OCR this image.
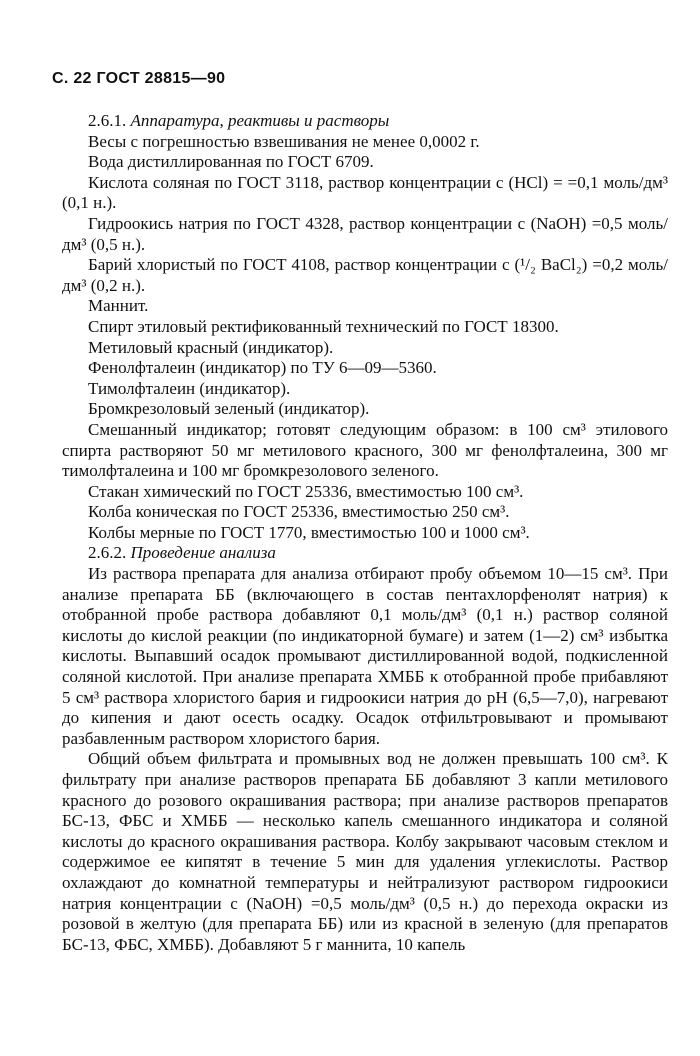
С. 22 ГОСТ 28815—90

2.6.1. Аппаратура, реактивы и растворы

Весы с погрешностью взвешивания не менее 0,0002 г.

Вода дистиллированная по ГОСТ 6709.

Кислота соляная по ГОСТ 3118, раствор концентрации с (HCl) = =0,1 моль/дм³ (0,1 н.).

Гидроокись натрия по ГОСТ 4328, раствор концентрации с (NaOH) =0,5 моль/дм³ (0,5 н.).

Барий хлористый по ГОСТ 4108, раствор концентрации с (¹/₂ BaCl₂) =0,2 моль/дм³ (0,2 н.).

Маннит.

Спирт этиловый ректификованный технический по ГОСТ 18300.

Метиловый красный (индикатор).

Фенолфталеин (индикатор) по ТУ 6—09—5360.

Тимолфталеин (индикатор).

Бромкрезоловый зеленый (индикатор).

Смешанный индикатор; готовят следующим образом: в 100 см³ этилового спирта растворяют 50 мг метилового красного, 300 мг фенолфталеина, 300 мг тимолфталеина и 100 мг бромкрезолового зеленого.

Стакан химический по ГОСТ 25336, вместимостью 100 см³.

Колба коническая по ГОСТ 25336, вместимостью 250 см³.

Колбы мерные по ГОСТ 1770, вместимостью 100 и 1000 см³.

2.6.2. Проведение анализа

Из раствора препарата для анализа отбирают пробу объемом 10—15 см³. При анализе препарата ББ (включающего в состав пентахлорфенолят натрия) к отобранной пробе раствора добавляют 0,1 моль/дм³ (0,1 н.) раствор соляной кислоты до кислой реакции (по индикаторной бумаге) и затем (1—2) см³ избытка кислоты. Выпавший осадок промывают дистиллированной водой, подкисленной соляной кислотой. При анализе препарата ХМББ к отобранной пробе прибавляют 5 см³ раствора хлористого бария и гидроокиси натрия до pH (6,5—7,0), нагревают до кипения и дают осесть осадку. Осадок отфильтровывают и промывают разбавленным раствором хлористого бария.

Общий объем фильтрата и промывных вод не должен превышать 100 см³. К фильтрату при анализе растворов препарата ББ добавляют 3 капли метилового красного до розового окрашивания раствора; при анализе растворов препаратов БС-13, ФБС и ХМББ — несколько капель смешанного индикатора и соляной кислоты до красного окрашивания раствора. Колбу закрывают часовым стеклом и содержимое ее кипятят в течение 5 мин для удаления углекислоты. Раствор охлаждают до комнатной температуры и нейтрализуют раствором гидроокиси натрия концентрации с (NaOH) =0,5 моль/дм³ (0,5 н.) до перехода окраски из розовой в желтую (для препарата ББ) или из красной в зеленую (для препаратов БС-13, ФБС, ХМББ). Добавляют 5 г маннита, 10 капель
